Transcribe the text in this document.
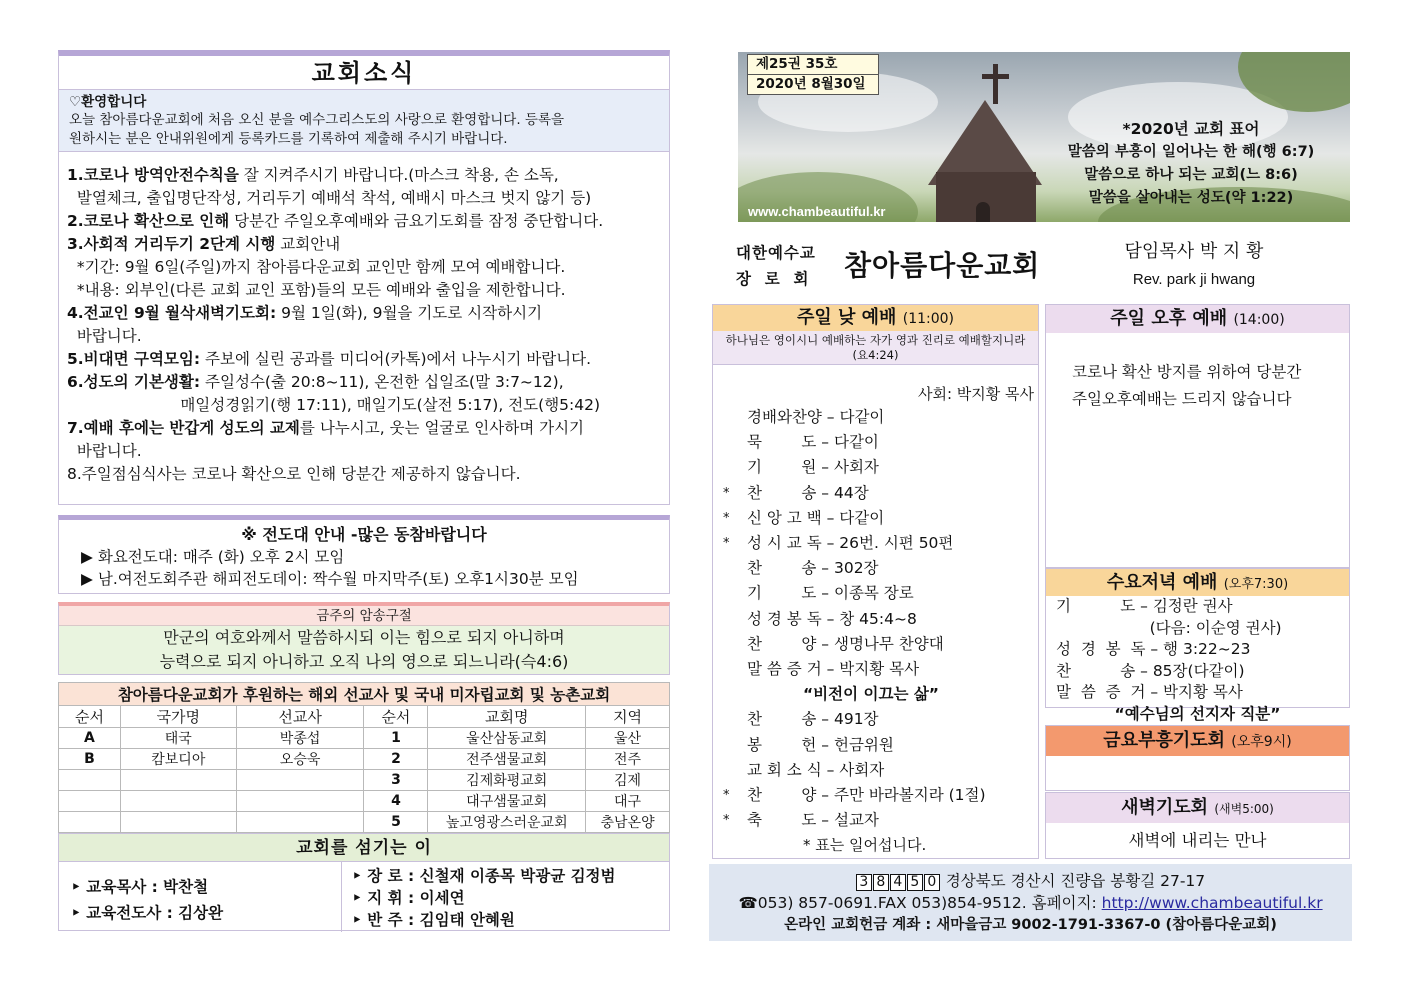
교회소식
♡환영합니다
오늘 참아름다운교회에 처음 오신 분을 예수그리스도의 사랑으로 환영합니다. 등록을
원하시는 분은 안내위원에게 등록카드를 기록하여 제출해 주시기 바랍니다.
1.코로나 방역안전수칙을 잘 지켜주시기 바랍니다.(마스크 착용, 손 소독,
발열체크, 출입명단작성, 거리두기 예배석 착석, 예배시 마스크 벗지 않기 등)
2.코로나 확산으로 인해 당분간 주일오후예배와 금요기도회를 잠정 중단합니다.
3.사회적 거리두기 2단계 시행 교회안내
*기간: 9월 6일(주일)까지 참아름다운교회 교인만 함께 모여 예배합니다.
*내용: 외부인(다른 교회 교인 포함)들의 모든 예배와 출입을 제한합니다.
4.전교인 9월 월삭새벽기도회: 9월 1일(화), 9월을 기도로 시작하시기
바랍니다.
5.비대면 구역모임: 주보에 실린 공과를 미디어(카톡)에서 나누시기 바랍니다.
6.성도의 기본생활: 주일성수(출 20:8~11), 온전한 십일조(말 3:7~12),
매일성경읽기(행 17:11), 매일기도(살전 5:17), 전도(행5:42)
7.예배 후에는 반갑게 성도의 교제를 나누시고, 웃는 얼굴로 인사하며 가시기
바랍니다.
8.주일점심식사는 코로나 확산으로 인해 당분간 제공하지 않습니다.
※ 전도대 안내 -많은 동참바랍니다
▶ 화요전도대: 매주 (화) 오후 2시 모임
▶ 남.여전도회주관 해피전도데이: 짝수월 마지막주(토) 오후1시30분 모임
금주의 암송구절
만군의 여호와께서 말씀하시되 이는 힘으로 되지 아니하며
능력으로 되지 아니하고 오직 나의 영으로 되느니라(슥4:6)
참아름다운교회가 후원하는 해외 선교사 및 국내 미자립교회 및 농촌교회					
순서	국가명	선교사	순서	교회명	지역
A	태국	박종섭	1	울산삼동교회	울산
B	캄보디아	오승욱	2	전주샘물교회	전주
			3	김제화평교회	김제
			4	대구샘물교회	대구
			5	높고영광스러운교회	충남온양
교회를 섬기는 이
‣ 교육목사 : 박찬철
‣ 교육전도사 : 김상완
‣ 장 로 : 신철재 이종목 박광균 김정범
‣ 지 휘 : 이세연
‣ 반 주 : 김임태 안혜원
제25권 35호
2020년 8월30일
*2020년 교회 표어
말씀의 부흥이 일어나는 한 해(행 6:7)
말씀으로 하나 되는 교회(느 8:6)
말씀을 살아내는 성도(약 1:22)
www.chambeautiful.kr
대한예수교
장  로  회 참아름다운교회	담임목사 박 지 황
Rev. park ji hwang
주일 낮 예배 (11:00)
하나님은 영이시니 예배하는 자가 영과 진리로 예배할지니라(요4:24)
사회: 박지황 목사
경배와찬양 – 다같이
묵        도 – 다같이
기        원 – 사회자
* 찬        송 – 44장
* 신 앙 고 백 – 다같이
* 성 시 교 독 – 26번. 시편 50편
찬        송 – 302장
기        도 – 이종목 장로
성 경 봉 독 – 창 45:4~8
찬        양 – 생명나무 찬양대
말 씀 증 거 – 박지황 목사
“비전이 이끄는 삶”
찬        송 – 491장
봉        헌 – 헌금위원
교 회 소 식 – 사회자
* 찬        양 – 주만 바라볼지라 (1절)
* 축        도 – 설교자
* 표는 일어섭니다.
주일 오후 예배 (14:00)
코로나 확산 방지를 위하여 당분간
주일오후예배는 드리지 않습니다
수요저녁 예배 (오후7:30)
기          도 – 김정란 권사
(다음: 이순영 권사)
성  경  봉  독 – 행 3:22~23
찬          송 – 85장(다같이)
말  씀  증  거 – 박지황 목사
“예수님의 선지자 직분”
금요부흥기도회 (오후9시)
새벽기도회 (새벽5:00)
새벽에 내리는 만나
3 8 4 5 0 경상북도 경산시 진량읍 봉황길 27-17
☎053) 857-0691.FAX 053)854-9512. 홈페이지: http://www.chambeautiful.kr
온라인 교회헌금 계좌 : 새마을금고 9002-1791-3367-0 (참아름다운교회)
